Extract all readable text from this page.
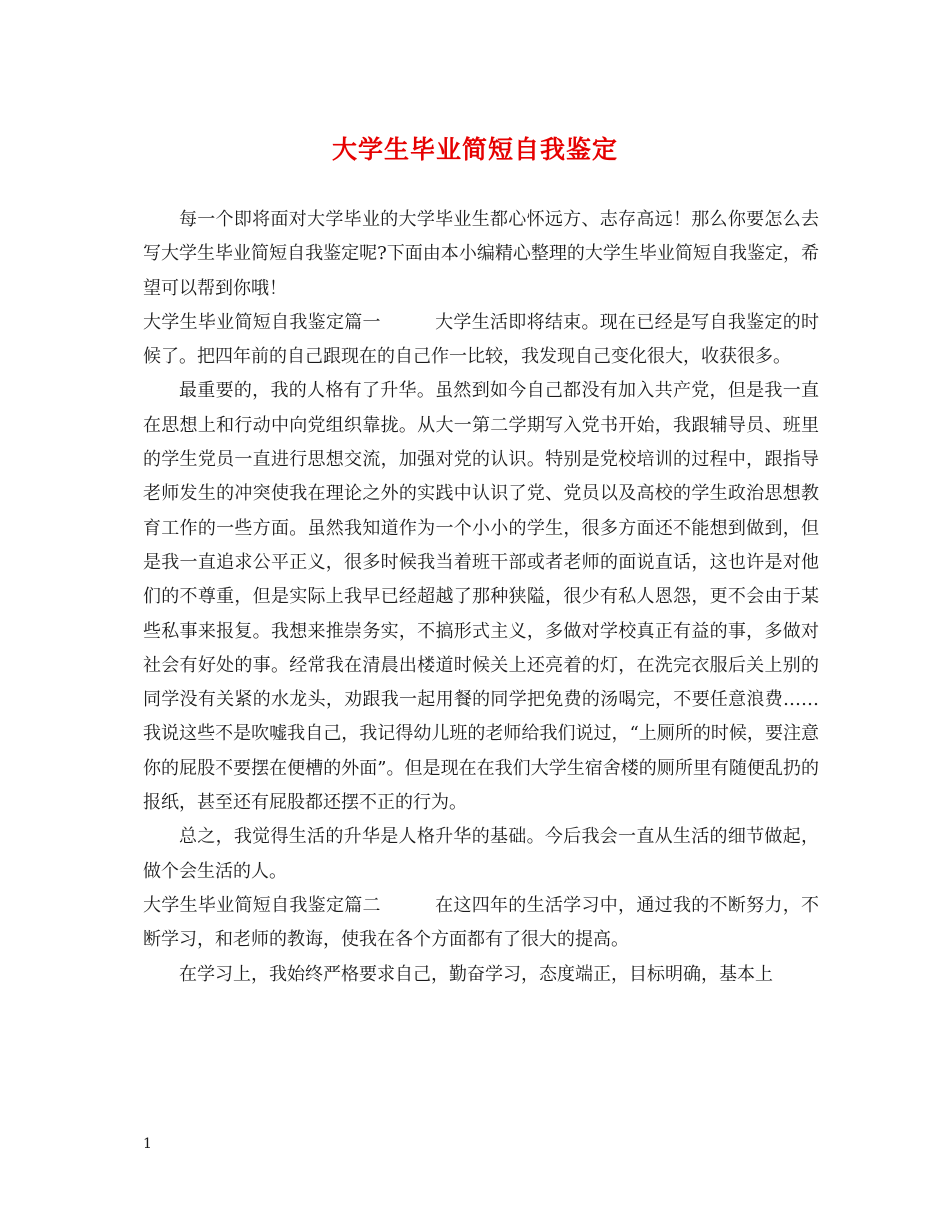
大学生毕业简短自我鉴定

每一个即将面对大学毕业的大学毕业生都心怀远方、志存高远！那么你要怎么去写大学生毕业简短自我鉴定呢?下面由本小编精心整理的大学生毕业简短自我鉴定，希望可以帮到你哦！

大学生毕业简短自我鉴定篇一	大学生活即将结束。现在已经是写自我鉴定的时候了。把四年前的自己跟现在的自己作一比较，我发现自己变化很大，收获很多。

最重要的，我的人格有了升华。虽然到如今自己都没有加入共产党，但是我一直在思想上和行动中向党组织靠拢。从大一第二学期写入党书开始，我跟辅导员、班里的学生党员一直进行思想交流，加强对党的认识。特别是党校培训的过程中，跟指导老师发生的冲突使我在理论之外的实践中认识了党、党员以及高校的学生政治思想教育工作的一些方面。虽然我知道作为一个小小的学生，很多方面还不能想到做到，但是我一直追求公平正义，很多时候我当着班干部或者老师的面说直话，这也许是对他们的不尊重，但是实际上我早已经超越了那种狭隘，很少有私人恩怨，更不会由于某些私事来报复。我想来推崇务实，不搞形式主义，多做对学校真正有益的事，多做对社会有好处的事。经常我在清晨出楼道时候关上还亮着的灯，在洗完衣服后关上别的同学没有关紧的水龙头，劝跟我一起用餐的同学把免费的汤喝完，不要任意浪费……我说这些不是吹嘘我自己，我记得幼儿班的老师给我们说过，“上厕所的时候，要注意你的屁股不要摆在便槽的外面”。但是现在在我们大学生宿舍楼的厕所里有随便乱扔的报纸，甚至还有屁股都还摆不正的行为。

总之，我觉得生活的升华是人格升华的基础。今后我会一直从生活的细节做起，做个会生活的人。

大学生毕业简短自我鉴定篇二	在这四年的生活学习中，通过我的不断努力，不断学习，和老师的教诲，使我在各个方面都有了很大的提高。

在学习上，我始终严格要求自己，勤奋学习，态度端正，目标明确，基本上

1
